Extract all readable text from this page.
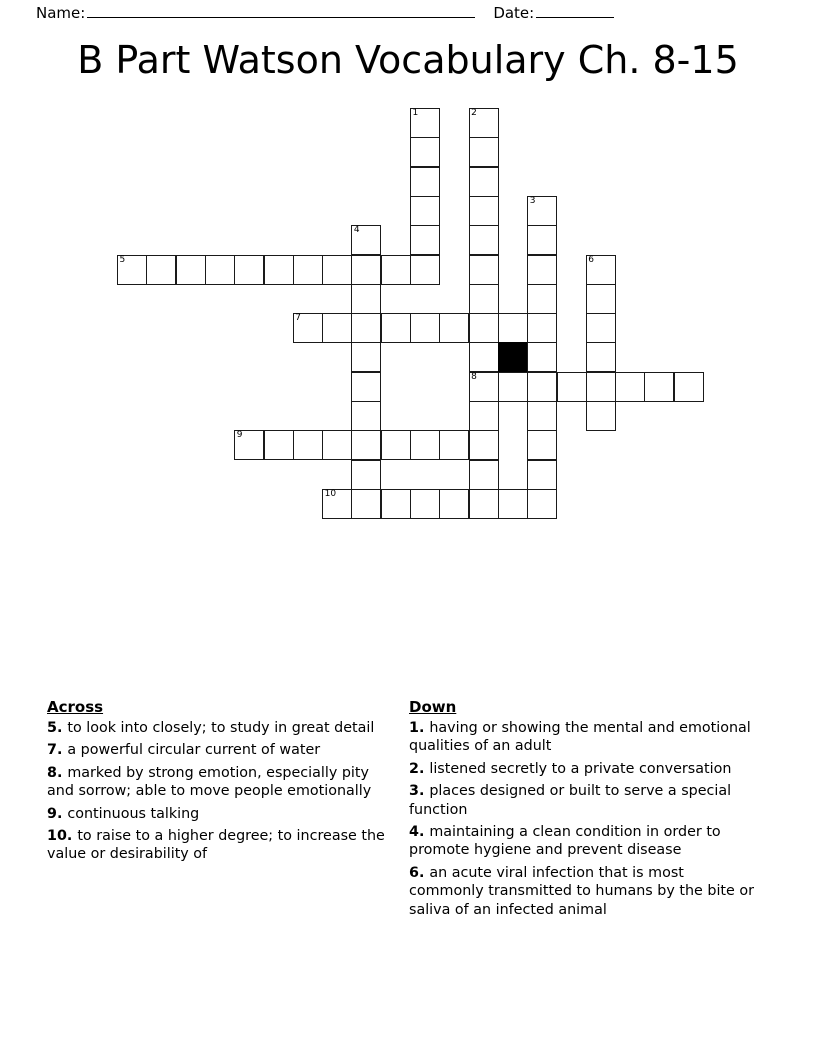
Name:	Date:
B Part Watson Vocabulary Ch. 8-15
1	2
3
4
5	6
7
8
9
10
Across
5. to look into closely; to study in great detail
7. a powerful circular current of water
8. marked by strong emotion, especially pity and sorrow; able to move people emotionally
9. continuous talking
10. to raise to a higher degree; to increase the value or desirability of
Down
1. having or showing the mental and emotional qualities of an adult
2. listened secretly to a private conversation
3. places designed or built to serve a special function
4. maintaining a clean condition in order to promote hygiene and prevent disease
6. an acute viral infection that is most commonly transmitted to humans by the bite or saliva of an infected animal
